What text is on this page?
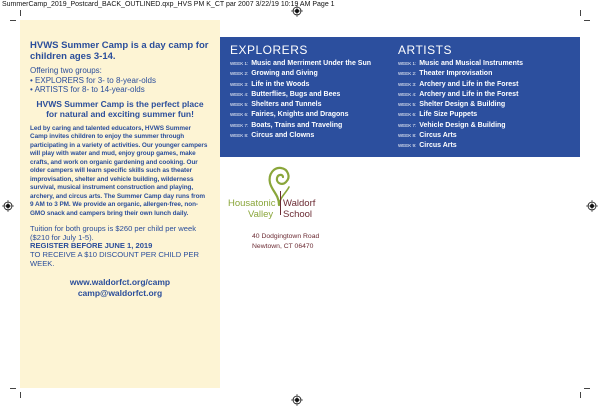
SummerCamp_2019_Postcard_BACK_OUTLINED.qxp_HVS PM K_CT par 2007 3/22/19 10:19 AM Page 1
HVWS Summer Camp is a day camp for children ages 3-14.
Offering two groups:
• EXPLORERS for 3- to 8-year-olds
• ARTISTS for 8- to 14-year-olds
HVWS Summer Camp is the perfect place for natural and exciting summer fun!
Led by caring and talented educators, HVWS Summer Camp invites children to enjoy the summer through participating in a variety of activities. Our younger campers will play with water and mud, enjoy group games, make crafts, and work on organic gardening and cooking. Our older campers will learn specific skills such as theater improvisation, shelter and vehicle building, wilderness survival, musical instrument construction and playing, archery, and circus arts. The Summer Camp day runs from 9 AM to 3 PM. We provide an organic, allergen-free, non-GMO snack and campers bring their own lunch daily.
Tuition for both groups is $260 per child per week ($210 for July 1-5).
REGISTER BEFORE JUNE 1, 2019
TO RECEIVE A $10 DISCOUNT PER CHILD PER WEEK.
www.waldorfct.org/camp
camp@waldorfct.org
EXPLORERS
WEEK 1: Music and Merriment Under the Sun
WEEK 2: Growing and Giving
WEEK 3: Life in the Woods
WEEK 4: Butterflies, Bugs and Bees
WEEK 5: Shelters and Tunnels
WEEK 6: Fairies, Knights and Dragons
WEEK 7: Boats, Trains and Traveling
WEEK 8: Circus and Clowns
ARTISTS
WEEK 1: Music and Musical Instruments
WEEK 2: Theater Improvisation
WEEK 3: Archery and Life in the Forest
WEEK 4: Archery and Life in the Forest
WEEK 5: Shelter Design & Building
WEEK 6: Life Size Puppets
WEEK 7: Vehicle Design & Building
WEEK 8: Circus Arts
WEEK 9: Circus Arts
Housatonic Waldorf
Valley School
40 Dodgingtown Road
Newtown, CT 06470
